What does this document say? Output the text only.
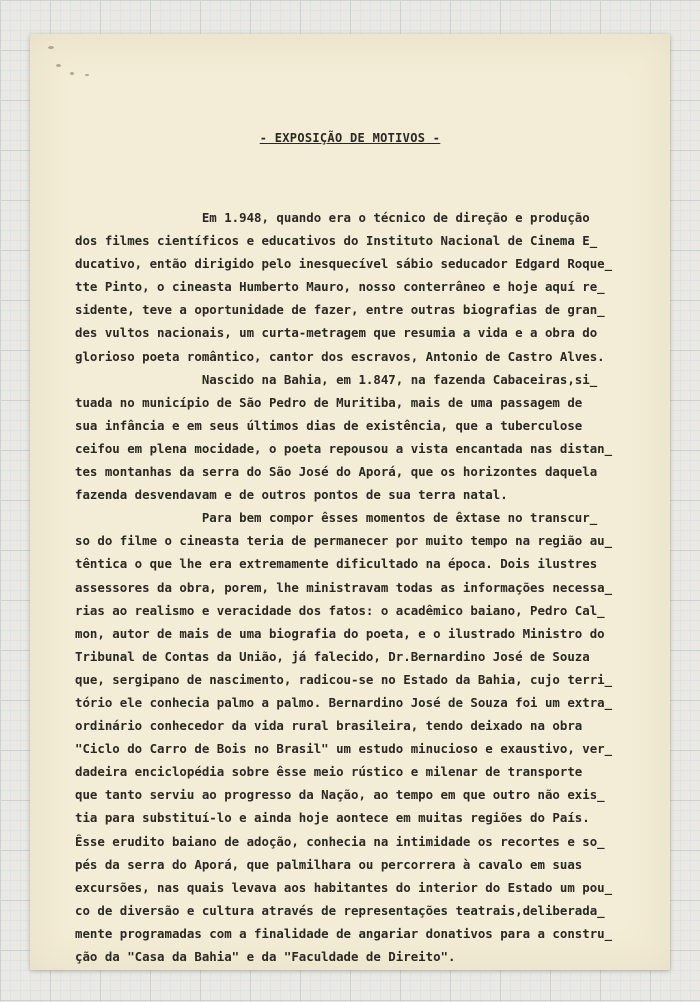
- EXPOSIÇÃO DE MOTIVOS -
Em 1.948, quando era o técnico de direção e produção
dos filmes científicos e educativos do Instituto Nacional de Cinema E_
ducativo, então dirigido pelo inesquecível sábio seducador Edgard Roque_
tte Pinto, o cineasta Humberto Mauro, nosso conterrâneo e hoje aquí re_
sidente, teve a oportunidade de fazer, entre outras biografias de gran_
des vultos nacionais, um curta-metragem que resumia a vida e a obra do
glorioso poeta romântico, cantor dos escravos, Antonio de Castro Alves.
Nascido na Bahia, em 1.847, na fazenda Cabaceiras,si_
tuada no município de São Pedro de Muritiba, mais de uma passagem de
sua infância e em seus últimos dias de existência, que a tuberculose
ceifou em plena mocidade, o poeta repousou a vista encantada nas distan_
tes montanhas da serra do São José do Aporá, que os horizontes daquela
fazenda desvendavam e de outros pontos de sua terra natal.
Para bem compor êsses momentos de êxtase no transcur_
so do filme o cineasta teria de permanecer por muito tempo na região au_
têntica o que lhe era extremamente dificultado na época. Dois ilustres
assessores da obra, porem, lhe ministravam todas as informações necessa_
rias ao realismo e veracidade dos fatos: o acadêmico baiano, Pedro Cal_
mon, autor de mais de uma biografia do poeta, e o ilustrado Ministro do
Tribunal de Contas da União, já falecido, Dr.Bernardino José de Souza
que, sergipano de nascimento, radicou-se no Estado da Bahia, cujo terri_
tório ele conhecia palmo a palmo. Bernardino José de Souza foi um extra_
ordinário conhecedor da vida rural brasileira, tendo deixado na obra
"Ciclo do Carro de Bois no Brasil" um estudo minucioso e exaustivo, ver_
dadeira enciclopédia sobre êsse meio rústico e milenar de transporte
que tanto serviu ao progresso da Nação, ao tempo em que outro não exis_
tia para substituí-lo e ainda hoje aontece em muitas regiões do País.
Êsse erudito baiano de adoção, conhecia na intimidade os recortes e so_
pés da serra do Aporá, que palmilhara ou percorrera à cavalo em suas
excursões, nas quais levava aos habitantes do interior do Estado um pou_
co de diversão e cultura através de representações teatrais,deliberada_
mente programadas com a finalidade de angariar donativos para a constru_
ção da "Casa da Bahia" e da "Faculdade de Direito".
